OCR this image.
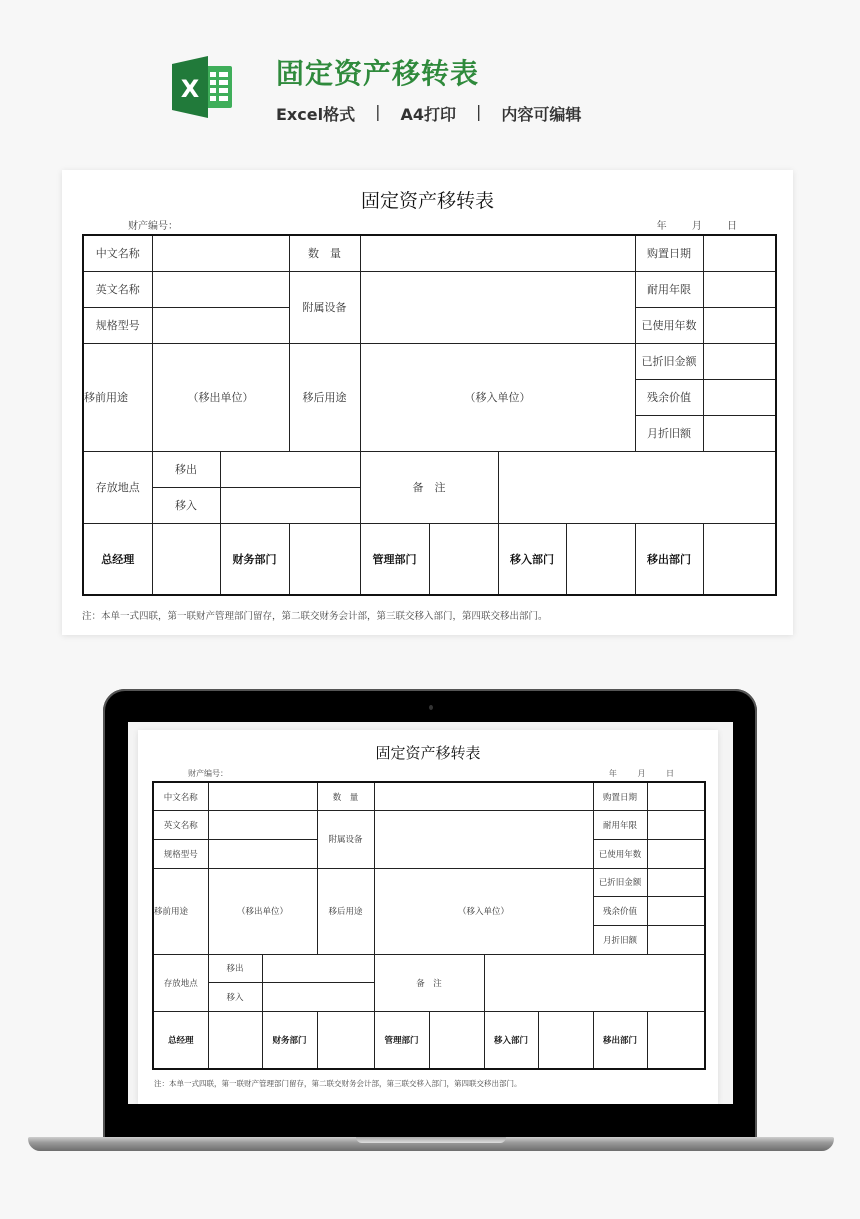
X	固定资产移转表
Excel格式 | A4打印 | 内容可编辑
固定资产移转表
财产编号：	年	月	日
中文名称			数　量					购置日期	
英文名称			附属设备					耐用年限	
规格型号								已使用年数	
移前用途	（移出单位）		移后用途	（移入单位）				已折旧金额	
								残余价值	
								月折旧额	
存放地点	移出			备　注					
	移入								
总经理		财务部门		管理部门		移入部门		移出部门	
注：本单一式四联，第一联财产管理部门留存，第二联交财务会计部，第三联交移入部门，第四联交移出部门。
固定资产移转表
财产编号：	年	月	日
中文名称			数　量					购置日期	
英文名称			附属设备					耐用年限	
规格型号								已使用年数	
移前用途	（移出单位）		移后用途	（移入单位）				已折旧金额	
								残余价值	
								月折旧额	
存放地点	移出			备　注					
	移入								
总经理		财务部门		管理部门		移入部门		移出部门	
注：本单一式四联，第一联财产管理部门留存，第二联交财务会计部，第三联交移入部门，第四联交移出部门。
